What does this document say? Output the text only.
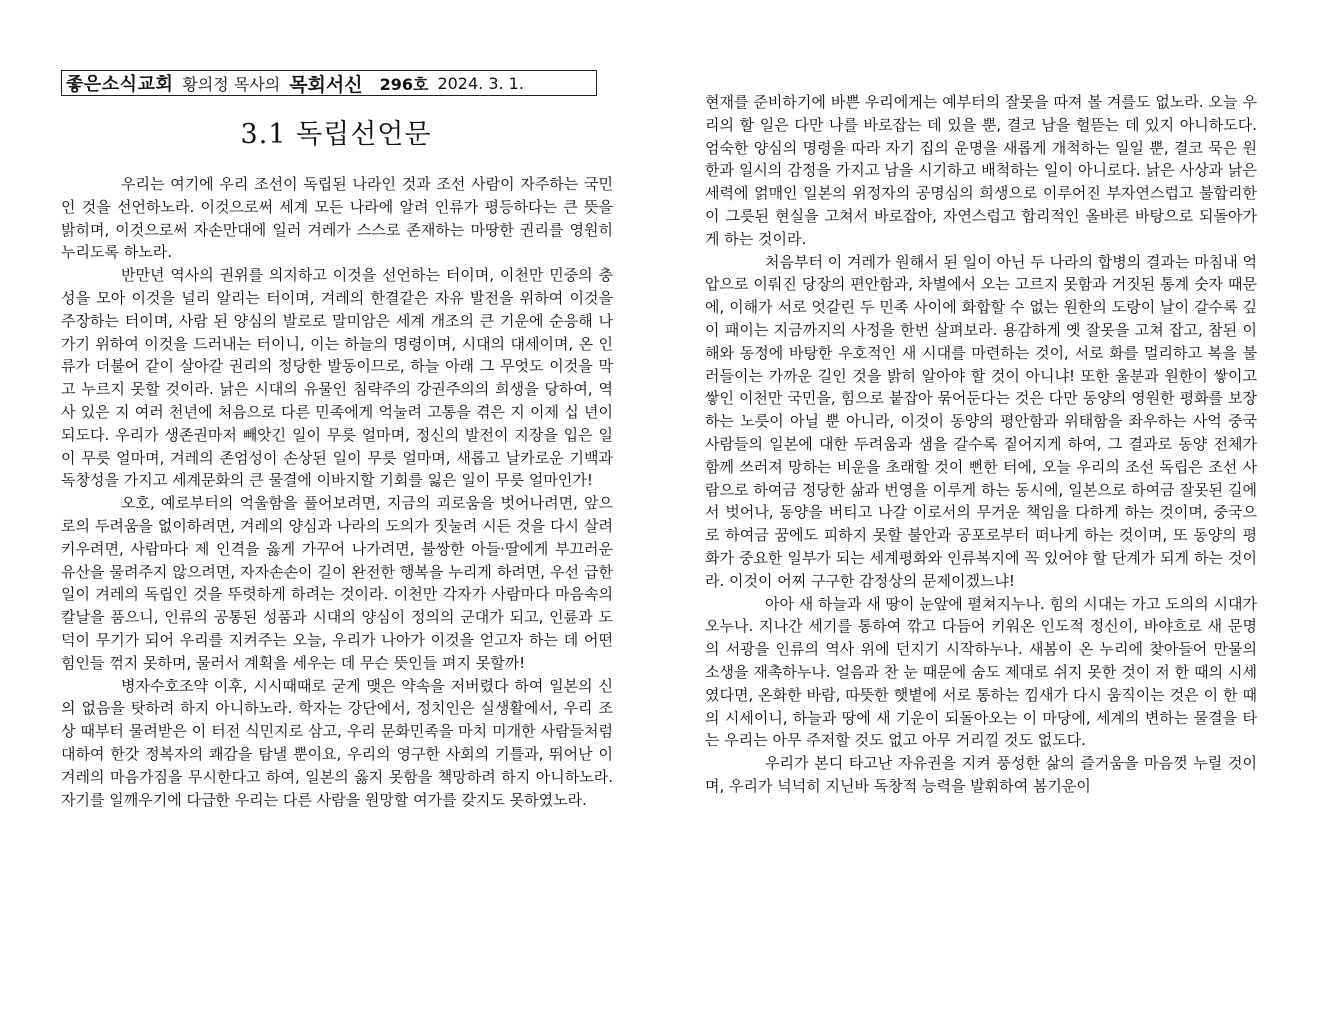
좋은소식교회 황의정 목사의 목회서신 296호 2024. 3. 1.
3.1 독립선언문

우리는 여기에 우리 조선이 독립된 나라인 것과 조선 사람이 자주하는 국민인 것을 선언하노라. 이것으로써 세계 모든 나라에 알려 인류가 평등하다는 큰 뜻을 밝히며, 이것으로써 자손만대에 일러 겨레가 스스로 존재하는 마땅한 권리를 영원히 누리도록 하노라.

반만년 역사의 권위를 의지하고 이것을 선언하는 터이며, 이천만 민중의 충성을 모아 이것을 널리 알리는 터이며, 겨레의 한결같은 자유 발전을 위하여 이것을 주장하는 터이며, 사람 된 양심의 발로로 말미암은 세계 개조의 큰 기운에 순응해 나가기 위하여 이것을 드러내는 터이니, 이는 하늘의 명령이며, 시대의 대세이며, 온 인류가 더불어 같이 살아갈 권리의 정당한 발동이므로, 하늘 아래 그 무엇도 이것을 막고 누르지 못할 것이라. 낡은 시대의 유물인 침략주의 강권주의의 희생을 당하여, 역사 있은 지 여러 천년에 처음으로 다른 민족에게 억눌려 고통을 겪은 지 이제 십 년이 되도다. 우리가 생존권마저 빼앗긴 일이 무릇 얼마며, 정신의 발전이 지장을 입은 일이 무릇 얼마며, 겨레의 존엄성이 손상된 일이 무릇 얼마며, 새롭고 날카로운 기백과 독창성을 가지고 세계문화의 큰 물결에 이바지할 기회를 잃은 일이 무릇 얼마인가!

오호, 예로부터의 억울함을 풀어보려면, 지금의 괴로움을 벗어나려면, 앞으로의 두려움을 없이하려면, 겨레의 양심과 나라의 도의가 짓눌려 시든 것을 다시 살려 키우려면, 사람마다 제 인격을 옳게 가꾸어 나가려면, 불쌍한 아들·딸에게 부끄러운 유산을 물려주지 않으려면, 자자손손이 길이 완전한 행복을 누리게 하려면, 우선 급한 일이 겨레의 독립인 것을 뚜렷하게 하려는 것이라. 이천만 각자가 사람마다 마음속의 칼날을 품으니, 인류의 공통된 성품과 시대의 양심이 정의의 군대가 되고, 인륜과 도덕이 무기가 되어 우리를 지켜주는 오늘, 우리가 나아가 이것을 얻고자 하는 데 어떤 힘인들 꺾지 못하며, 물러서 계획을 세우는 데 무슨 뜻인들 펴지 못할까!

병자수호조약 이후, 시시때때로 굳게 맺은 약속을 저버렸다 하여 일본의 신의 없음을 탓하려 하지 아니하노라. 학자는 강단에서, 정치인은 실생활에서, 우리 조상 때부터 물려받은 이 터전 식민지로 삼고, 우리 문화민족을 마치 미개한 사람들처럼 대하여 한갓 정복자의 쾌감을 탐낼 뿐이요, 우리의 영구한 사회의 기틀과, 뛰어난 이 겨레의 마음가짐을 무시한다고 하여, 일본의 옳지 못함을 책망하려 하지 아니하노라. 자기를 일깨우기에 다급한 우리는 다른 사람을 원망할 여가를 갖지도 못하였노라.

현재를 준비하기에 바쁜 우리에게는 예부터의 잘못을 따져 볼 겨를도 없노라. 오늘 우리의 할 일은 다만 나를 바로잡는 데 있을 뿐, 결코 남을 헐뜯는 데 있지 아니하도다. 엄숙한 양심의 명령을 따라 자기 집의 운명을 새롭게 개척하는 일일 뿐, 결코 묵은 원한과 일시의 감정을 가지고 남을 시기하고 배척하는 일이 아니로다. 낡은 사상과 낡은 세력에 얽매인 일본의 위정자의 공명심의 희생으로 이루어진 부자연스럽고 불합리한 이 그릇된 현실을 고쳐서 바로잡아, 자연스럽고 합리적인 올바른 바탕으로 되돌아가게 하는 것이라.

처음부터 이 겨레가 원해서 된 일이 아닌 두 나라의 합병의 결과는 마침내 억압으로 이뤄진 당장의 편안함과, 차별에서 오는 고르지 못함과 거짓된 통계 숫자 때문에, 이해가 서로 엇갈린 두 민족 사이에 화합할 수 없는 원한의 도랑이 날이 갈수록 깊이 패이는 지금까지의 사정을 한번 살펴보라. 용감하게 옛 잘못을 고쳐 잡고, 참된 이해와 동정에 바탕한 우호적인 새 시대를 마련하는 것이, 서로 화를 멀리하고 복을 불러들이는 가까운 길인 것을 밝히 알아야 할 것이 아니냐! 또한 울분과 원한이 쌓이고 쌓인 이천만 국민을, 힘으로 붙잡아 묶어둔다는 것은 다만 동양의 영원한 평화를 보장하는 노릇이 아닐 뿐 아니라, 이것이 동양의 평안함과 위태함을 좌우하는 사억 중국 사람들의 일본에 대한 두려움과 샘을 갈수록 짙어지게 하여, 그 결과로 동양 전체가 함께 쓰러져 망하는 비운을 초래할 것이 뻔한 터에, 오늘 우리의 조선 독립은 조선 사람으로 하여금 정당한 삶과 번영을 이루게 하는 동시에, 일본으로 하여금 잘못된 길에서 벗어나, 동양을 버티고 나갈 이로서의 무거운 책임을 다하게 하는 것이며, 중국으로 하여금 꿈에도 피하지 못할 불안과 공포로부터 떠나게 하는 것이며, 또 동양의 평화가 중요한 일부가 되는 세계평화와 인류복지에 꼭 있어야 할 단계가 되게 하는 것이라. 이것이 어찌 구구한 감정상의 문제이겠느냐!

아아 새 하늘과 새 땅이 눈앞에 펼쳐지누나. 힘의 시대는 가고 도의의 시대가 오누나. 지나간 세기를 통하여 깎고 다듬어 키워온 인도적 정신이, 바야흐로 새 문명의 서광을 인류의 역사 위에 던지기 시작하누나. 새봄이 온 누리에 찾아들어 만물의 소생을 재촉하누나. 얼음과 찬 눈 때문에 숨도 제대로 쉬지 못한 것이 저 한 때의 시세였다면, 온화한 바람, 따뜻한 햇볕에 서로 통하는 낌새가 다시 움직이는 것은 이 한 때의 시세이니, 하늘과 땅에 새 기운이 되돌아오는 이 마당에, 세계의 변하는 물결을 타는 우리는 아무 주저할 것도 없고 아무 거리낄 것도 없도다.

우리가 본디 타고난 자유권을 지켜 풍성한 삶의 즐거움을 마음껏 누릴 것이며, 우리가 넉넉히 지닌바 독창적 능력을 발휘하여 봄기운이
